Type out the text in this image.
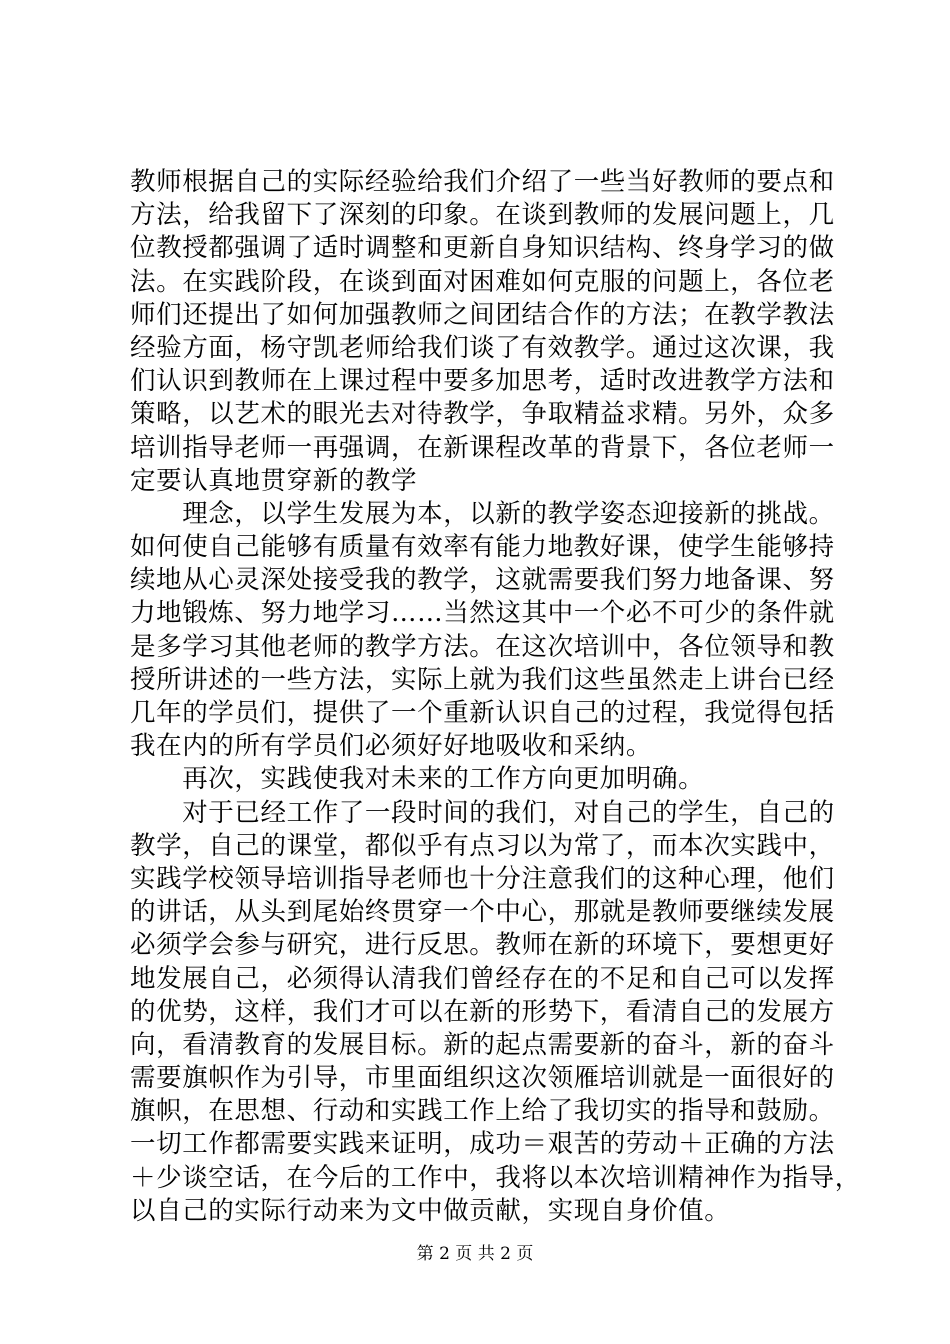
教师根据自己的实际经验给我们介绍了一些当好教师的要点和
方法，给我留下了深刻的印象。在谈到教师的发展问题上，几
位教授都强调了适时调整和更新自身知识结构、终身学习的做
法。在实践阶段，在谈到面对困难如何克服的问题上，各位老
师们还提出了如何加强教师之间团结合作的方法；在教学教法
经验方面，杨守凯老师给我们谈了有效教学。通过这次课，我
们认识到教师在上课过程中要多加思考，适时改进教学方法和
策略，以艺术的眼光去对待教学，争取精益求精。另外，众多
培训指导老师一再强调，在新课程改革的背景下，各位老师一
定要认真地贯穿新的教学
　　理念，以学生发展为本，以新的教学姿态迎接新的挑战。
如何使自己能够有质量有效率有能力地教好课，使学生能够持
续地从心灵深处接受我的教学，这就需要我们努力地备课、努
力地锻炼、努力地学习……当然这其中一个必不可少的条件就
是多学习其他老师的教学方法。在这次培训中，各位领导和教
授所讲述的一些方法，实际上就为我们这些虽然走上讲台已经
几年的学员们，提供了一个重新认识自己的过程，我觉得包括
我在内的所有学员们必须好好地吸收和采纳。
　　再次，实践使我对未来的工作方向更加明确。
　　对于已经工作了一段时间的我们，对自己的学生，自己的
教学，自己的课堂，都似乎有点习以为常了，而本次实践中，
实践学校领导培训指导老师也十分注意我们的这种心理，他们
的讲话，从头到尾始终贯穿一个中心，那就是教师要继续发展
必须学会参与研究，进行反思。教师在新的环境下，要想更好
地发展自己，必须得认清我们曾经存在的不足和自己可以发挥
的优势，这样，我们才可以在新的形势下，看清自己的发展方
向，看清教育的发展目标。新的起点需要新的奋斗，新的奋斗
需要旗帜作为引导，市里面组织这次领雁培训就是一面很好的
旗帜，在思想、行动和实践工作上给了我切实的指导和鼓励。
一切工作都需要实践来证明，成功＝艰苦的劳动＋正确的方法
＋少谈空话，在今后的工作中，我将以本次培训精神作为指导，
以自己的实际行动来为文中做贡献，实现自身价值。
第 2 页 共 2 页
